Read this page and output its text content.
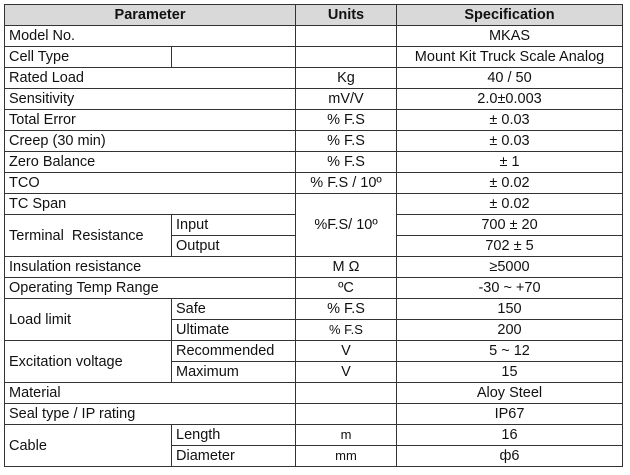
Parameter		Units	Specification
Model No.			MKAS
Cell Type			Mount Kit Truck Scale Analog
Rated Load		Kg	40 / 50
Sensitivity		mV/V	2.0±0.003
Total Error		% F.S	± 0.03
Creep (30 min)		% F.S	± 0.03
Zero Balance		% F.S	± 1
TCO		% F.S / 10º	± 0.02
TC Span		%F.S/ 10º	± 0.02
Terminal  Resistance	Input		700 ± 20
	Output		702 ± 5
Insulation resistance		M Ω	≥5000
Operating Temp Range		ºC	-30 ~ +70
Load limit	Safe	% F.S	150
	Ultimate	% F.S	200
Excitation voltage	Recommended	V	5 ~ 12
	Maximum	V	15
Material			Aloy Steel
Seal type / IP rating			IP67
Cable	Length	m	16
	Diameter	mm	ф6
